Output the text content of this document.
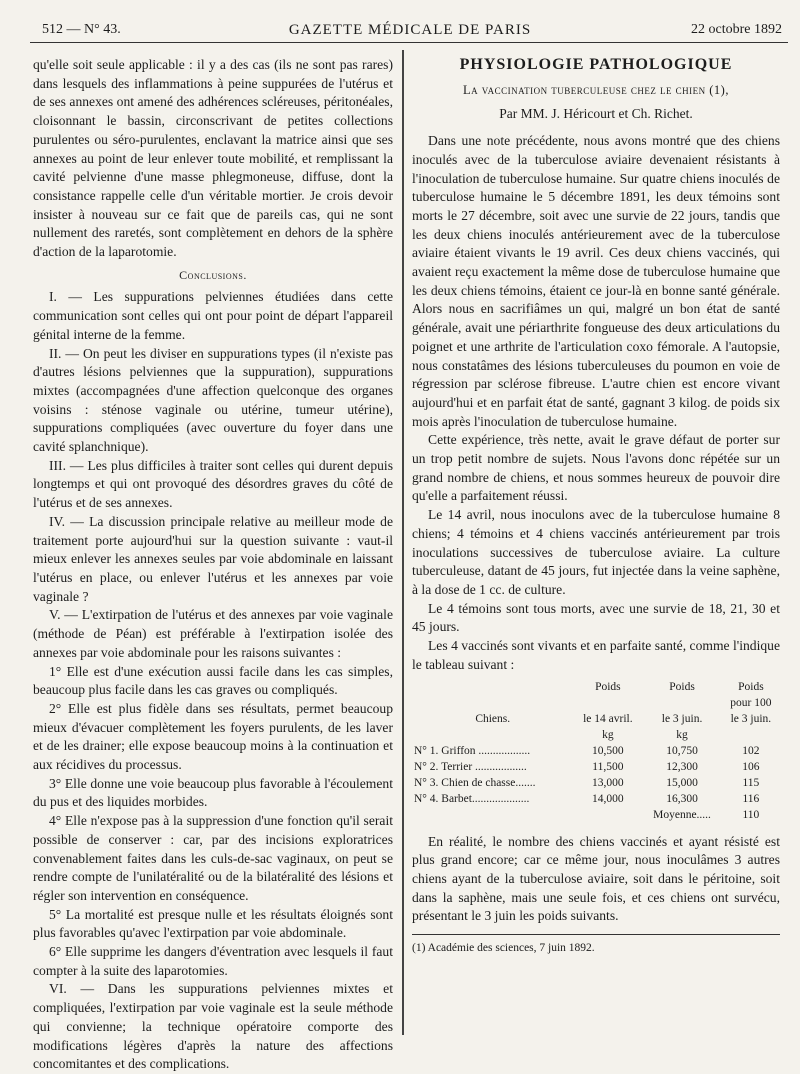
512 — N° 43.	GAZETTE MÉDICALE DE PARIS	22 octobre 1892

qu'elle soit seule applicable : il y a des cas (ils ne sont pas rares) dans lesquels des inflammations à peine suppurées de l'utérus et de ses annexes ont amené des adhérences scléreuses, péritonéales, cloisonnant le bassin, circonscrivant de petites collections purulentes ou séro-purulentes, enclavant la matrice ainsi que ses annexes au point de leur enlever toute mobilité, et remplissant la cavité pelvienne d'une masse phlegmoneuse, diffuse, dont la consistance rappelle celle d'un véritable mortier. Je crois devoir insister à nouveau sur ce fait que de pareils cas, qui ne sont nullement des raretés, sont complètement en dehors de la sphère d'action de la laparotomie.

Conclusions.

I. — Les suppurations pelviennes étudiées dans cette communication sont celles qui ont pour point de départ l'appareil génital interne de la femme.

II. — On peut les diviser en suppurations types (il n'existe pas d'autres lésions pelviennes que la suppuration), suppurations mixtes (accompagnées d'une affection quelconque des organes voisins : sténose vaginale ou utérine, tumeur utérine), suppurations compliquées (avec ouverture du foyer dans une cavité splanchnique).

III. — Les plus difficiles à traiter sont celles qui durent depuis longtemps et qui ont provoqué des désordres graves du côté de l'utérus et de ses annexes.

IV. — La discussion principale relative au meilleur mode de traitement porte aujourd'hui sur la question suivante : vaut-il mieux enlever les annexes seules par voie abdominale en laissant l'utérus en place, ou enlever l'utérus et les annexes par voie vaginale ?

V. — L'extirpation de l'utérus et des annexes par voie vaginale (méthode de Péan) est préférable à l'extirpation isolée des annexes par voie abdominale pour les raisons suivantes :

1° Elle est d'une exécution aussi facile dans les cas simples, beaucoup plus facile dans les cas graves ou compliqués.

2° Elle est plus fidèle dans ses résultats, permet beaucoup mieux d'évacuer complètement les foyers purulents, de les laver et de les drainer; elle expose beaucoup moins à la continuation et aux récidives du processus.

3° Elle donne une voie beaucoup plus favorable à l'écoulement du pus et des liquides morbides.

4° Elle n'expose pas à la suppression d'une fonction qu'il serait possible de conserver : car, par des incisions exploratrices convenablement faites dans les culs-de-sac vaginaux, on peut se rendre compte de l'unilatéralité ou de la bilatéralité des lésions et régler son intervention en conséquence.

5° La mortalité est presque nulle et les résultats éloignés sont plus favorables qu'avec l'extirpation par voie abdominale.

6° Elle supprime les dangers d'éventration avec lesquels il faut compter à la suite des laparotomies.

VI. — Dans les suppurations pelviennes mixtes et compliquées, l'extirpation par voie vaginale est la seule méthode qui convienne; la technique opératoire comporte des modifications légères d'après la nature des affections concomitantes et des complications.

PHYSIOLOGIE PATHOLOGIQUE
La vaccination tuberculeuse chez le chien (1),
Par MM. J. Héricourt et Ch. Richet.

Dans une note précédente, nous avons montré que des chiens inoculés avec de la tuberculose aviaire devenaient résistants à l'inoculation de tuberculose humaine. Sur quatre chiens inoculés de tuberculose humaine le 5 décembre 1891, les deux témoins sont morts le 27 décembre, soit avec une survie de 22 jours, tandis que les deux chiens inoculés antérieurement avec de la tuberculose aviaire étaient vivants le 19 avril. Ces deux chiens vaccinés, qui avaient reçu exactement la même dose de tuberculose humaine que les deux chiens témoins, étaient ce jour-là en bonne santé générale. Alors nous en sacrifiâmes un qui, malgré un bon état de santé générale, avait une périarthrite fongueuse des deux articulations du poignet et une arthrite de l'articulation coxo fémorale. A l'autopsie, nous constatâmes des lésions tuberculeuses du poumon en voie de régression par sclérose fibreuse. L'autre chien est encore vivant aujourd'hui et en parfait état de santé, gagnant 3 kilog. de poids six mois après l'inoculation de tuberculose humaine.

Cette expérience, très nette, avait le grave défaut de porter sur un trop petit nombre de sujets. Nous l'avons donc répétée sur un grand nombre de chiens, et nous sommes heureux de pouvoir dire qu'elle a parfaitement réussi.

Le 14 avril, nous inoculons avec de la tuberculose humaine 8 chiens; 4 témoins et 4 chiens vaccinés antérieurement par trois inoculations successives de tuberculose aviaire. La culture tuberculeuse, datant de 45 jours, fut injectée dans la veine saphène, à la dose de 1 cc. de culture.

Le 4 témoins sont tous morts, avec une survie de 18, 21, 30 et 45 jours.

Les 4 vaccinés sont vivants et en parfaite santé, comme l'indique le tableau suivant :

	Poids	Poids	Poids
			pour 100
Chiens.	le 14 avril.	le 3 juin.	le 3 juin.
	kg	kg	
N° 1. Griffon ..................	10,500	10,750	102
N° 2. Terrier ..................	11,500	12,300	106
N° 3. Chien de chasse.......	13,000	15,000	115
N° 4. Barbet....................	14,000	16,300	116
		Moyenne.....	110

En réalité, le nombre des chiens vaccinés et ayant résisté est plus grand encore; car ce même jour, nous inoculâmes 3 autres chiens ayant de la tuberculose aviaire, soit dans le péritoine, soit dans la saphène, mais une seule fois, et ces chiens ont survécu, présentant le 3 juin les poids suivants.

(1) Académie des sciences, 7 juin 1892.
